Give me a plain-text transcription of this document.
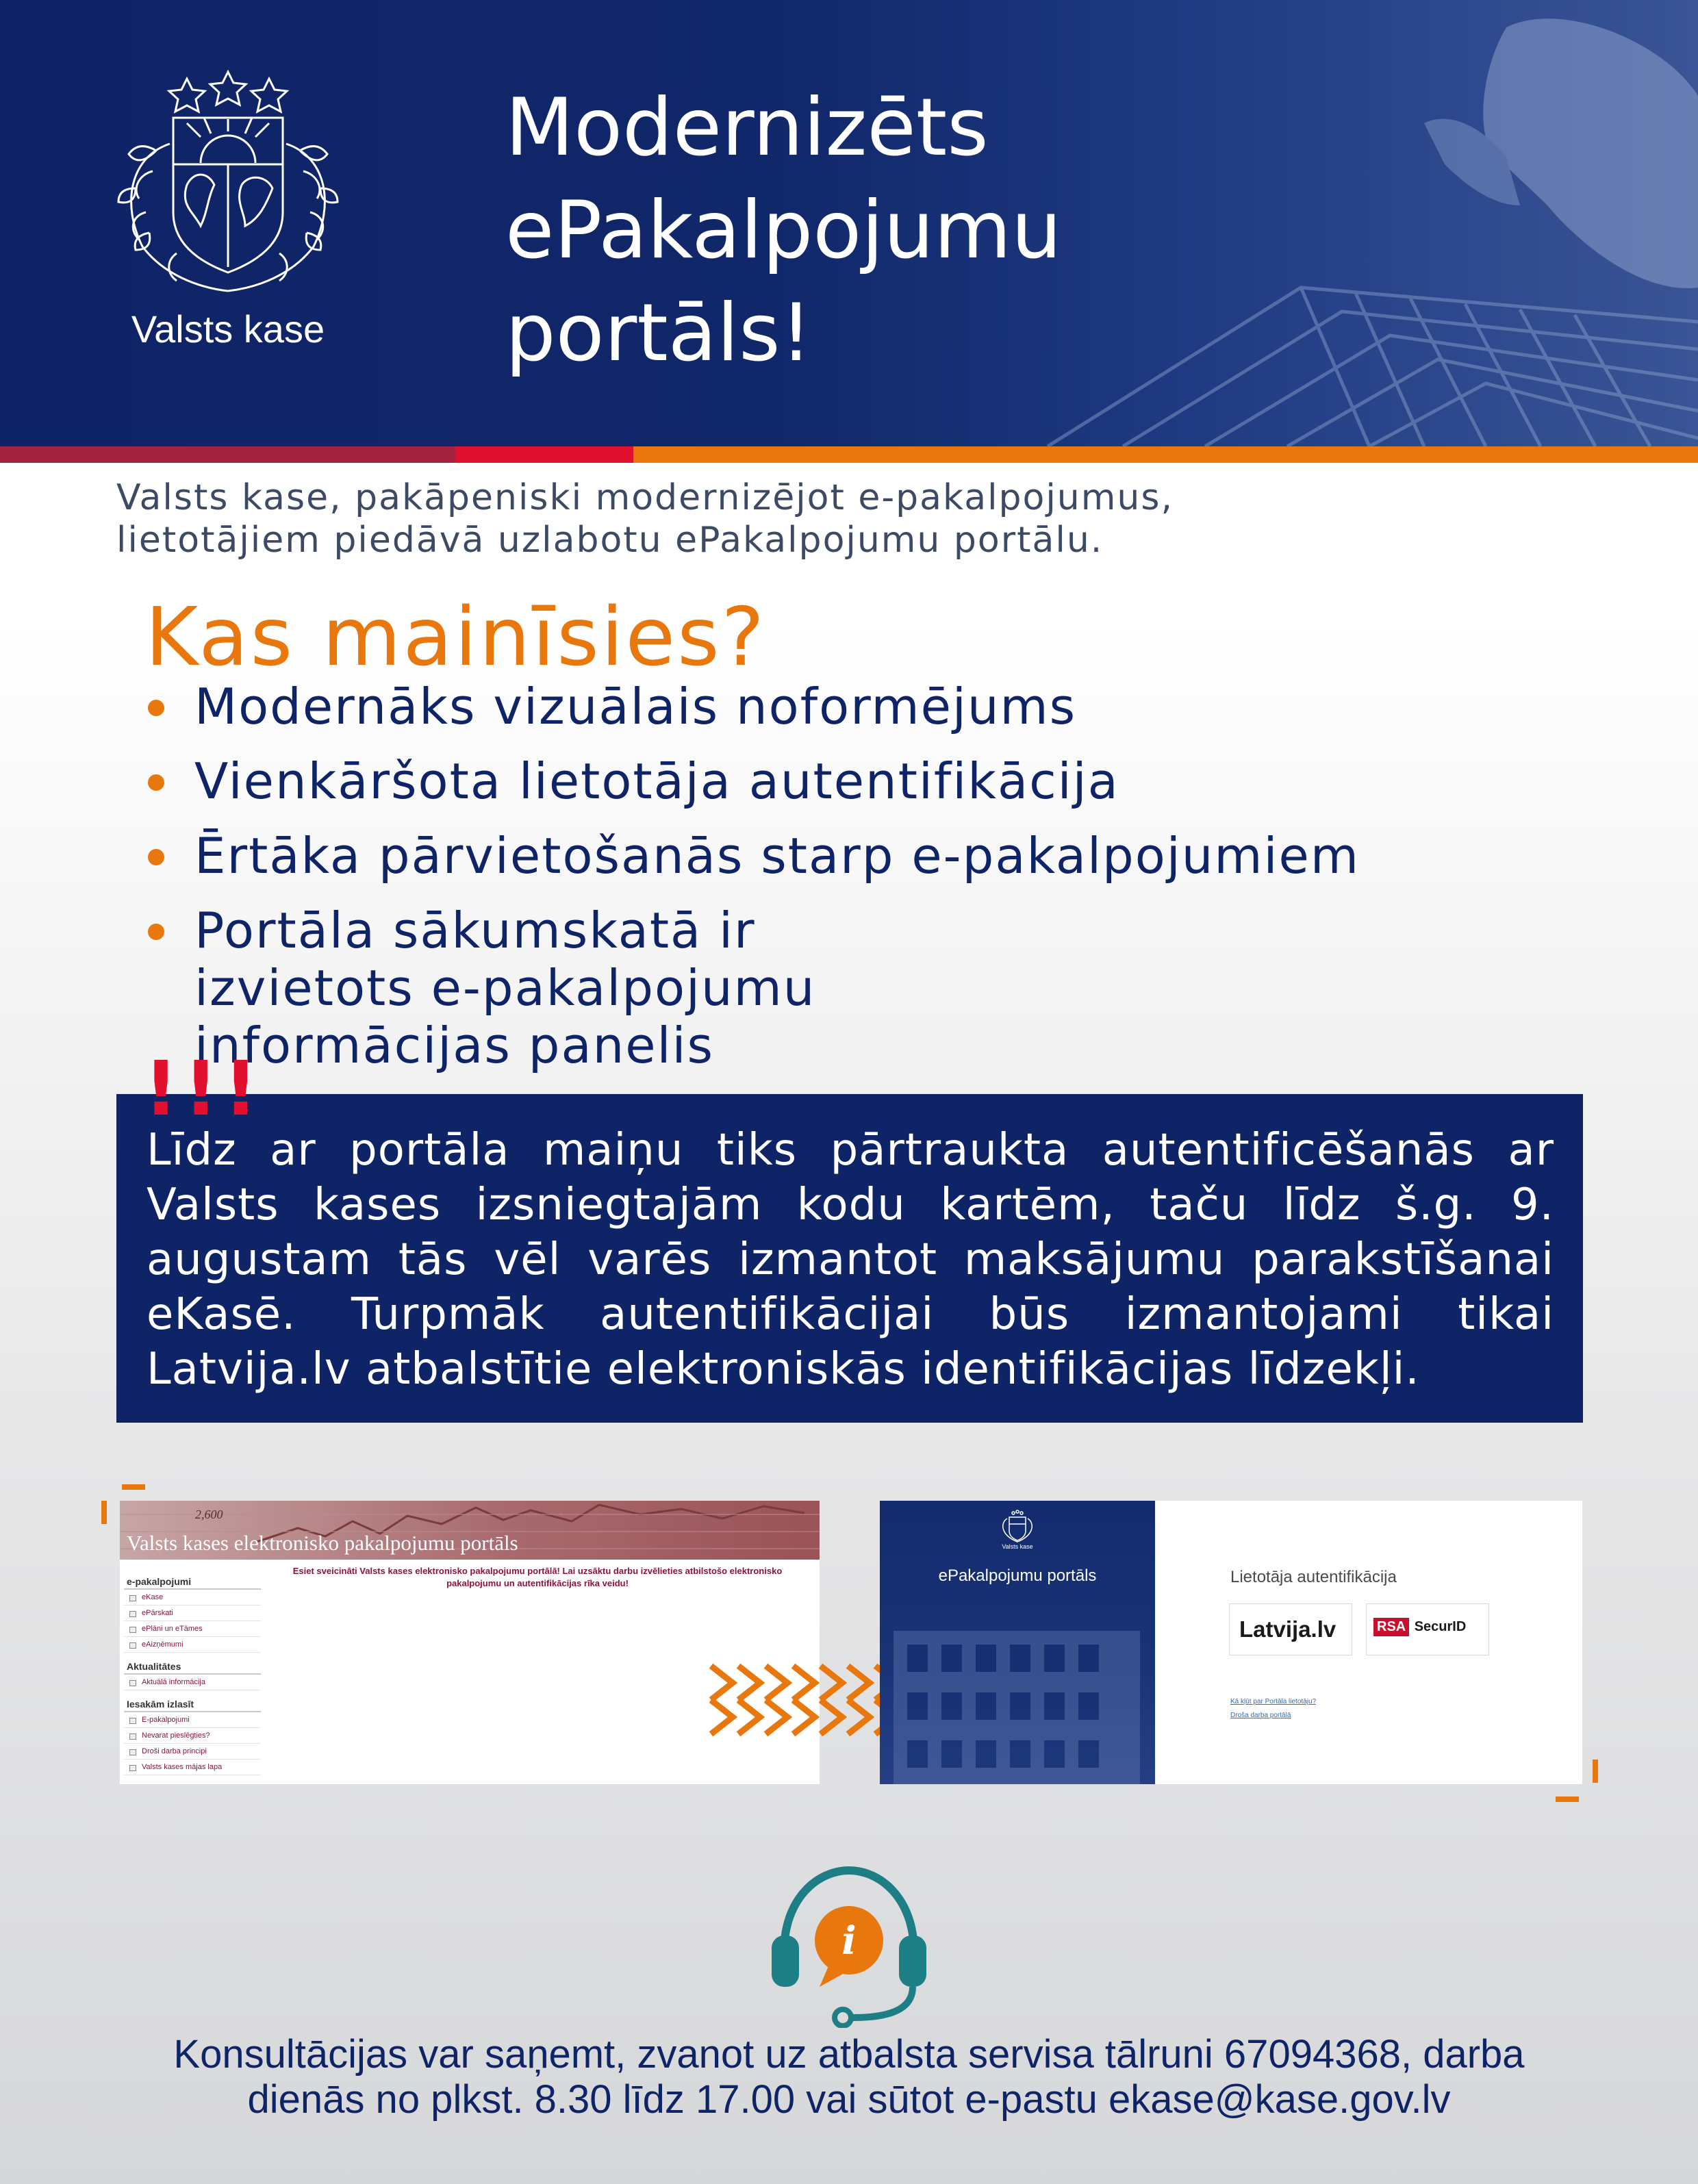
Valsts kase
Modernizēts
ePakalpojumu
portāls!
Valsts kase, pakāpeniski modernizējot e-pakalpojumus,
lietotājiem piedāvā uzlabotu ePakalpojumu portālu.
Kas mainīsies?
Modernāks vizuālais noformējums
Vienkāršota lietotāja autentifikācija
Ērtāka pārvietošanās starp e-pakalpojumiem
Portāla sākumskatā ir izvietots e-pakalpojumu informācijas panelis
Līdz ar portāla maiņu tiks pārtraukta autentificēšanās ar Valsts kases izsniegtajām kodu kartēm, taču līdz š.g. 9. augustam tās vēl varēs izmantot maksājumu parakstīšanai eKasē. Turpmāk autentifikācijai būs izmantojami tikai Latvija.lv atbalstītie elektroniskās identifikācijas līdzekļi.
!!!
2,600
Valsts kases elektronisko pakalpojumu portāls
e-pakalpojumi
eKase
ePārskati
ePlāni un eTāmes
eAizņēmumi
Aktualitātes
Aktuālā informācija
Iesakām izlasīt
E-pakalpojumi
Nevarat pieslēgties?
Droši darba principi
Valsts kases mājas lapa
Esiet sveicināti Valsts kases elektronisko pakalpojumu portālā! Lai uzsāktu darbu izvēlieties atbilstošo elektronisko pakalpojumu un autentifikācijas rīka veidu!
Valsts kase
ePakalpojumu portāls	Lietotāja autentifikācija
Latvija.lv	RSA SecurID
Kā kļūt par Portāla lietotāju?
Droša darba portālā
i
Konsultācijas var saņemt, zvanot uz atbalsta servisa tālruni 67094368, darba
dienās no plkst. 8.30 līdz 17.00 vai sūtot e-pastu ekase@kase.gov.lv
